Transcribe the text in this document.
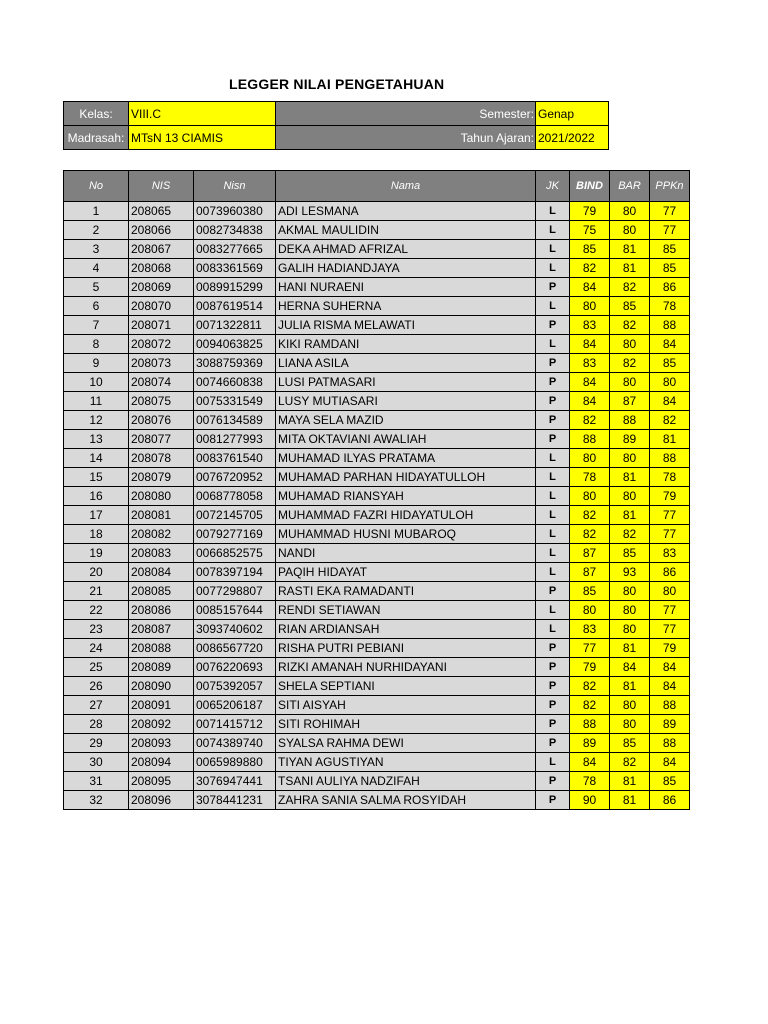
LEGGER NILAI PENGETAHUAN
Kelas:	VIII.C	Semester:	Genap
Madrasah:	MTsN 13 CIAMIS	Tahun Ajaran:	2021/2022
No	NIS	Nisn	Nama	JK	BIND	BAR	PPKn
1	208065	0073960380	ADI LESMANA	L	79	80	77
2	208066	0082734838	AKMAL MAULIDIN	L	75	80	77
3	208067	0083277665	DEKA AHMAD AFRIZAL	L	85	81	85
4	208068	0083361569	GALIH HADIANDJAYA	L	82	81	85
5	208069	0089915299	HANI NURAENI	P	84	82	86
6	208070	0087619514	HERNA SUHERNA	L	80	85	78
7	208071	0071322811	JULIA RISMA MELAWATI	P	83	82	88
8	208072	0094063825	KIKI RAMDANI	L	84	80	84
9	208073	3088759369	LIANA ASILA	P	83	82	85
10	208074	0074660838	LUSI PATMASARI	P	84	80	80
11	208075	0075331549	LUSY MUTIASARI	P	84	87	84
12	208076	0076134589	MAYA SELA MAZID	P	82	88	82
13	208077	0081277993	MITA OKTAVIANI AWALIAH	P	88	89	81
14	208078	0083761540	MUHAMAD ILYAS PRATAMA	L	80	80	88
15	208079	0076720952	MUHAMAD PARHAN HIDAYATULLOH	L	78	81	78
16	208080	0068778058	MUHAMAD RIANSYAH	L	80	80	79
17	208081	0072145705	MUHAMMAD FAZRI HIDAYATULOH	L	82	81	77
18	208082	0079277169	MUHAMMAD HUSNI MUBAROQ	L	82	82	77
19	208083	0066852575	NANDI	L	87	85	83
20	208084	0078397194	PAQIH HIDAYAT	L	87	93	86
21	208085	0077298807	RASTI EKA RAMADANTI	P	85	80	80
22	208086	0085157644	RENDI SETIAWAN	L	80	80	77
23	208087	3093740602	RIAN ARDIANSAH	L	83	80	77
24	208088	0086567720	RISHA PUTRI PEBIANI	P	77	81	79
25	208089	0076220693	RIZKI AMANAH NURHIDAYANI	P	79	84	84
26	208090	0075392057	SHELA SEPTIANI	P	82	81	84
27	208091	0065206187	SITI AISYAH	P	82	80	88
28	208092	0071415712	SITI ROHIMAH	P	88	80	89
29	208093	0074389740	SYALSA RAHMA DEWI	P	89	85	88
30	208094	0065989880	TIYAN AGUSTIYAN	L	84	82	84
31	208095	3076947441	TSANI AULIYA NADZIFAH	P	78	81	85
32	208096	3078441231	ZAHRA SANIA SALMA ROSYIDAH	P	90	81	86
